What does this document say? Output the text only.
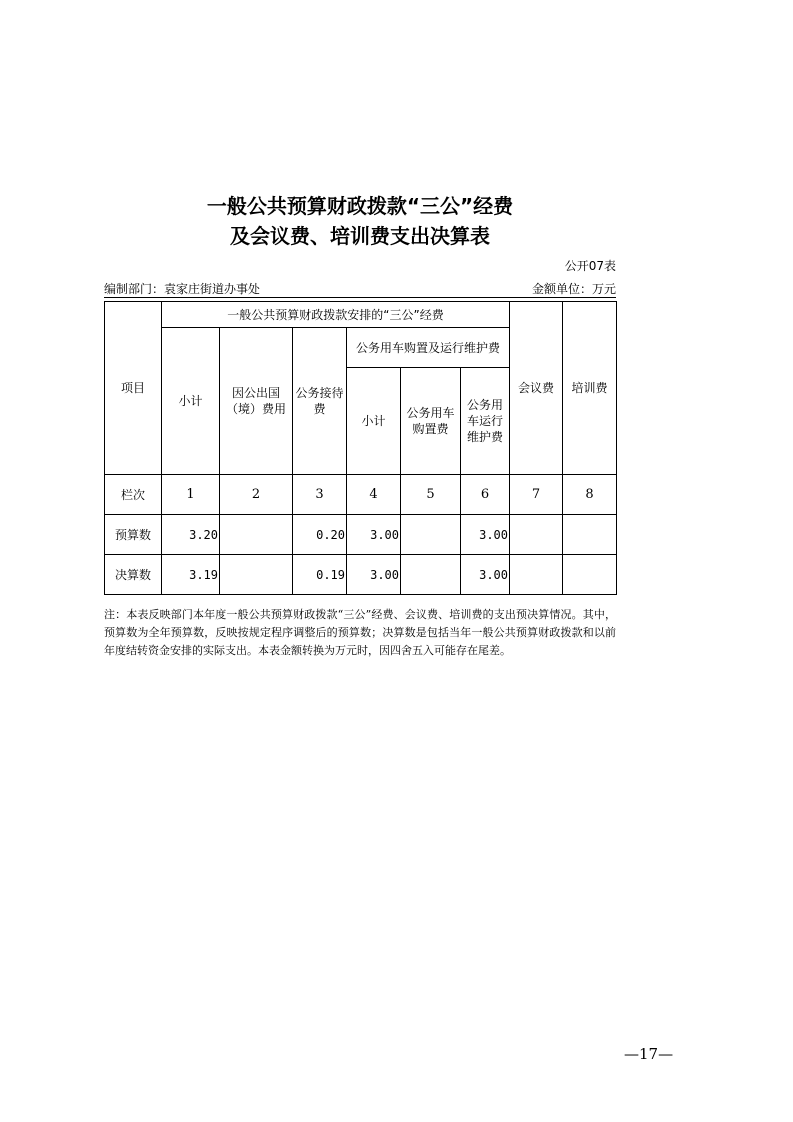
一般公共预算财政拨款“三公”经费
及会议费、培训费支出决算表
公开07表
编制部门：袁家庄街道办事处	金额单位：万元
项目	一般公共预算财政拨款安排的“三公”经费						会议费	培训费
	小计	因公出国（境）费用	公务接待费	公务用车购置及运行维护费				
				小计	公务用车购置费	公务用车运行维护费		
栏次	1	2	3	4	5	6	7	8
预算数	3.20		0.20	3.00		3.00		
决算数	3.19		0.19	3.00		3.00		
注：本表反映部门本年度一般公共预算财政拨款“三公”经费、会议费、培训费的支出预决算情况。其中，预算数为全年预算数，反映按规定程序调整后的预算数；决算数是包括当年一般公共预算财政拨款和以前年度结转资金安排的实际支出。本表金额转换为万元时，因四舍五入可能存在尾差。
—17—
